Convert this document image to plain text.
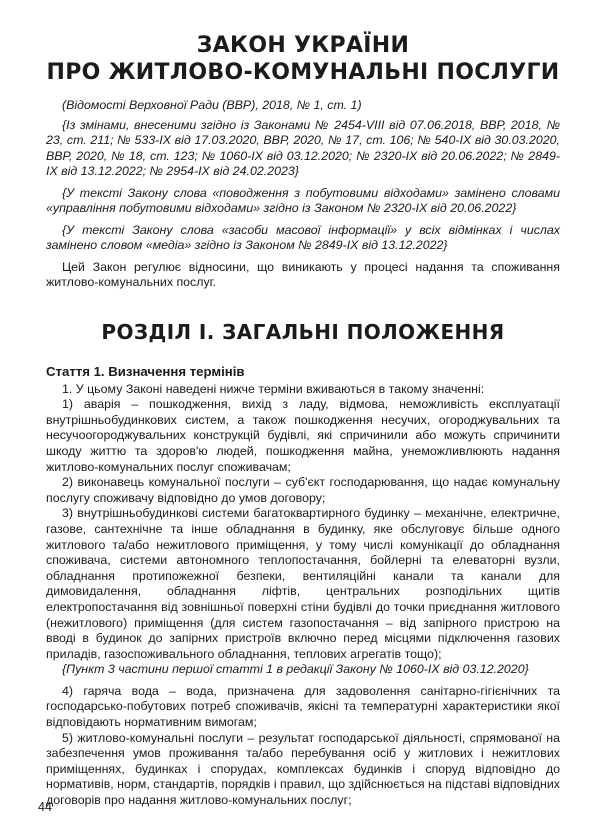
ЗАКОН УКРАЇНИ
ПРО ЖИТЛОВО-КОМУНАЛЬНІ ПОСЛУГИ

(Відомості Верховної Ради (ВВР), 2018, № 1, ст. 1)

{Із змінами, внесеними згідно із Законами № 2454-VIII від 07.06.2018, ВВР, 2018, № 23, ст. 211; № 533-IX від 17.03.2020, ВВР, 2020, № 17, ст. 106; № 540-IX від 30.03.2020, ВВР, 2020, № 18, ст. 123; № 1060-IX від 03.12.2020; № 2320-IX від 20.06.2022; № 2849-IX від 13.12.2022; № 2954-IX від 24.02.2023}

{У тексті Закону слова «поводження з побутовими відходами» замінено словами «управління побутовими відходами» згідно із Законом № 2320-IX від 20.06.2022}

{У тексті Закону слова «засоби масової інформації» у всіх відмінках і числах замінено словом «медіа» згідно із Законом № 2849-IX від 13.12.2022}

Цей Закон регулює відносини, що виникають у процесі надання та споживання житлово-комунальних послуг.

РОЗДІЛ І. ЗАГАЛЬНІ ПОЛОЖЕННЯ
Стаття 1. Визначення термінів

1. У цьому Законі наведені нижче терміни вживаються в такому значенні:

1) аварія – пошкодження, вихід з ладу, відмова, неможливість експлуатації внутрішньобудинкових систем, а також пошкодження несучих, огороджувальних та несучоогороджувальних конструкцій будівлі, які спричинили або можуть спричинити шкоду життю та здоров'ю людей, пошкодження майна, унеможливлюють надання житлово-комунальних послуг споживачам;

2) виконавець комунальної послуги – суб'єкт господарювання, що надає комунальну послугу споживачу відповідно до умов договору;

3) внутрішньобудинкові системи багатоквартирного будинку – механічне, електричне, газове, сантехнічне та інше обладнання в будинку, яке обслуговує більше одного житлового та/або нежитлового приміщення, у тому числі комунікації до обладнання споживача, системи автономного теплопостачання, бойлерні та елеваторні вузли, обладнання протипожежної безпеки, вентиляційні канали та канали для димовидалення, обладнання ліфтів, центральних розподільних щитів електропостачання від зовнішньої поверхні стіни будівлі до точки приєднання житлового (нежитлового) приміщення (для систем газопостачання – від запірного пристрою на вводі в будинок до запірних пристроїв включно перед місцями підключення газових приладів, газоспоживального обладнання, теплових агрегатів тощо);

{Пункт 3 частини першої статті 1 в редакції Закону № 1060-IX від 03.12.2020}

4) гаряча вода – вода, призначена для задоволення санітарно-гігієнічних та господарсько-побутових потреб споживачів, якісні та температурні характеристики якої відповідають нормативним вимогам;

5) житлово-комунальні послуги – результат господарської діяльності, спрямованої на забезпечення умов проживання та/або перебування осіб у житлових і нежитлових приміщеннях, будинках і спорудах, комплексах будинків і споруд відповідно до нормативів, норм, стандартів, порядків і правил, що здійснюється на підставі відповідних договорів про надання житлово-комунальних послуг;

44
